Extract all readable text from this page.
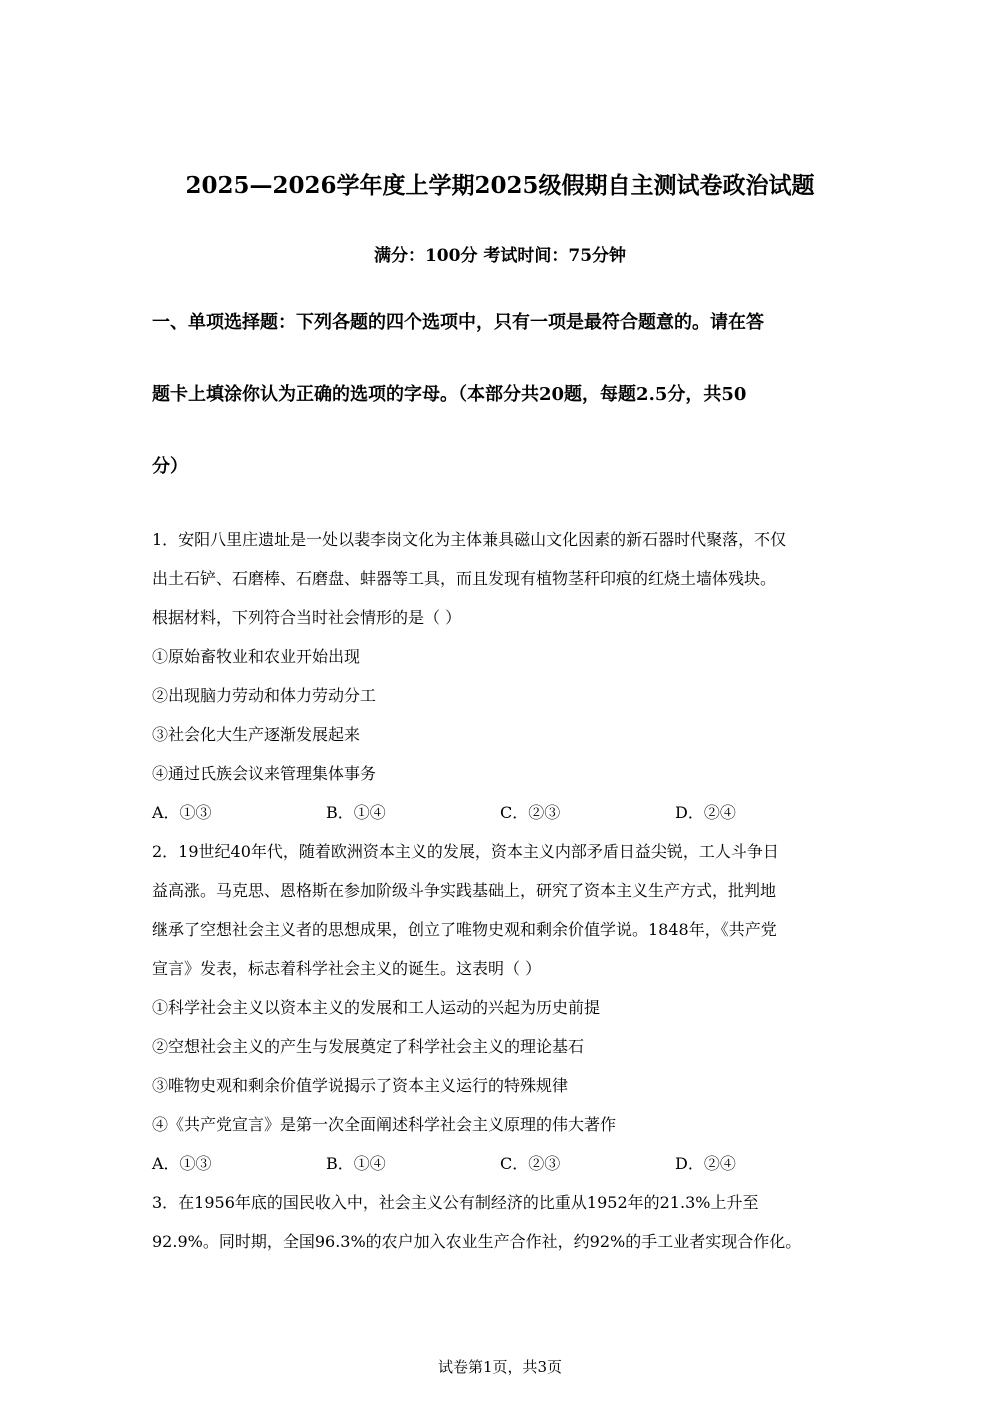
2025—2026学年度上学期2025级假期自主测试卷政治试题
满分：100分 考试时间：75分钟
一、单项选择题：下列各题的四个选项中，只有一项是最符合题意的。请在答
题卡上填涂你认为正确的选项的字母。（本部分共20题，每题2.5分，共50
分）
1．安阳八里庄遗址是一处以裴李岗文化为主体兼具磁山文化因素的新石器时代聚落，不仅
出土石铲、石磨棒、石磨盘、蚌器等工具，而且发现有植物茎秆印痕的红烧土墙体残块。
根据材料，下列符合当时社会情形的是（ ）
①原始畜牧业和农业开始出现
②出现脑力劳动和体力劳动分工
③社会化大生产逐渐发展起来
④通过氏族会议来管理集体事务
A．①③	B．①④	C．②③	D．②④
2．19世纪40年代，随着欧洲资本主义的发展，资本主义内部矛盾日益尖锐，工人斗争日
益高涨。马克思、恩格斯在参加阶级斗争实践基础上，研究了资本主义生产方式，批判地
继承了空想社会主义者的思想成果，创立了唯物史观和剩余价值学说。1848年，《共产党
宣言》发表，标志着科学社会主义的诞生。这表明（ ）
①科学社会主义以资本主义的发展和工人运动的兴起为历史前提
②空想社会主义的产生与发展奠定了科学社会主义的理论基石
③唯物史观和剩余价值学说揭示了资本主义运行的特殊规律
④《共产党宣言》是第一次全面阐述科学社会主义原理的伟大著作
A．①③	B．①④	C．②③	D．②④
3．在1956年底的国民收入中，社会主义公有制经济的比重从1952年的21.3%上升至
92.9%。同时期，全国96.3%的农户加入农业生产合作社，约92%的手工业者实现合作化。
试卷第1页，共3页
